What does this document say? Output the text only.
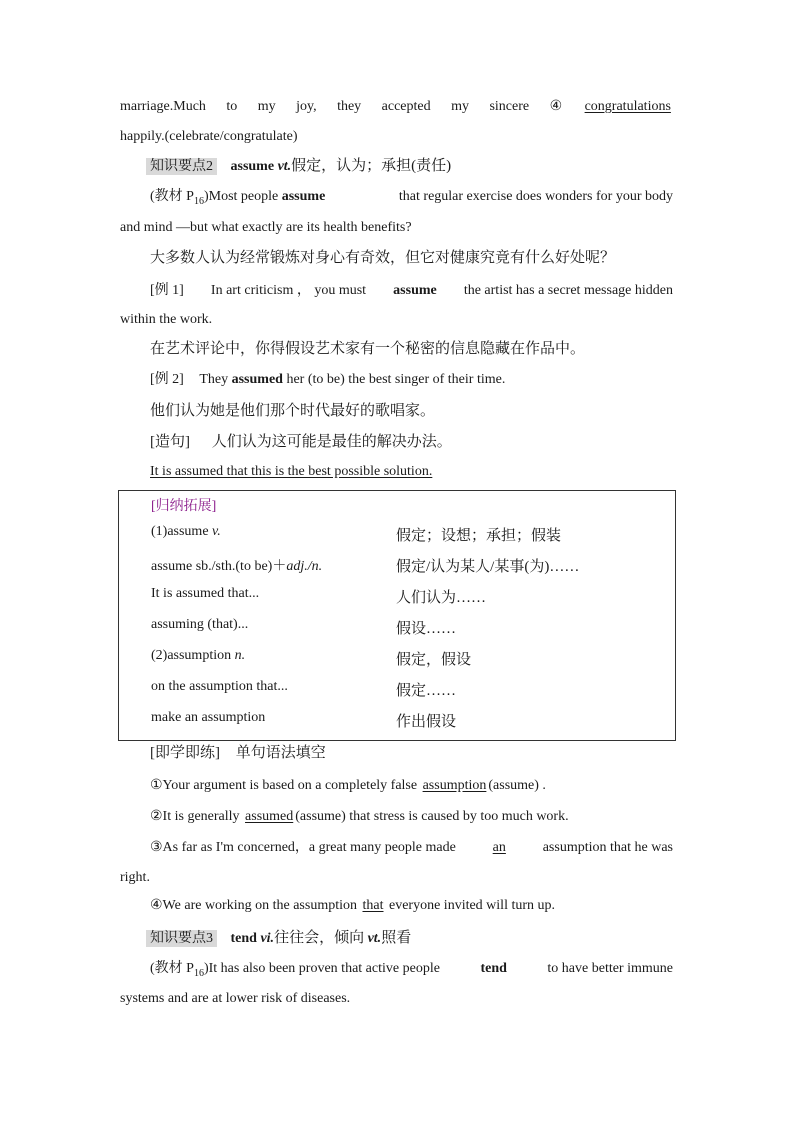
marriage.Much to my joy, they accepted my sincere ④ congratulations
happily.(celebrate/congratulate)
知识要点2 assume vt.假定，认为；承担(责任)
(教材 $P_{16})Most$ people assume	that regular exercise does wonders for your body
and mind —but what exactly are its health benefits?
大多数人认为经常锻炼对身心有奇效，但它对健康究竟有什么好处呢？
[例 1] In art criticism ， you must assume the artist has a secret message hidden
within the work.
在艺术评论中，你得假设艺术家有一个秘密的信息隐藏在作品中。
[例 2] They assumed her (to be) the best singer of their time.
他们认为她是他们那个时代最好的歌唱家。
[造句] 人们认为这可能是最佳的解决办法。
It is assumed that this is the best possible solution.
[归纳拓展]
(1)assume v.	假定；设想；承担；假装
assume sb./sth.(to be)＋adj./n.	假定/认为某人/某事(为)……
It is assumed that...	人们认为……
assuming (that)...	假设……
(2)assumption n.	假定，假设
on the assumption that...	假定……
make an assumption	作出假设
[即学即练] 单句语法填空
①Your argument is based on a completely false assumption (assume) .
②It is generally assumed (assume) that stress is caused by too much work.
③As far as I'm concerned，a great many people made	an	assumption that he was
right.
④We are working on the assumption that everyone invited will turn up.
知识要点3 tend vi.往往会，倾向 vt.照看
(教材 $P_{16})It$ has also been proven that active people	tend	to have better immune
systems and are at lower risk of diseases.
